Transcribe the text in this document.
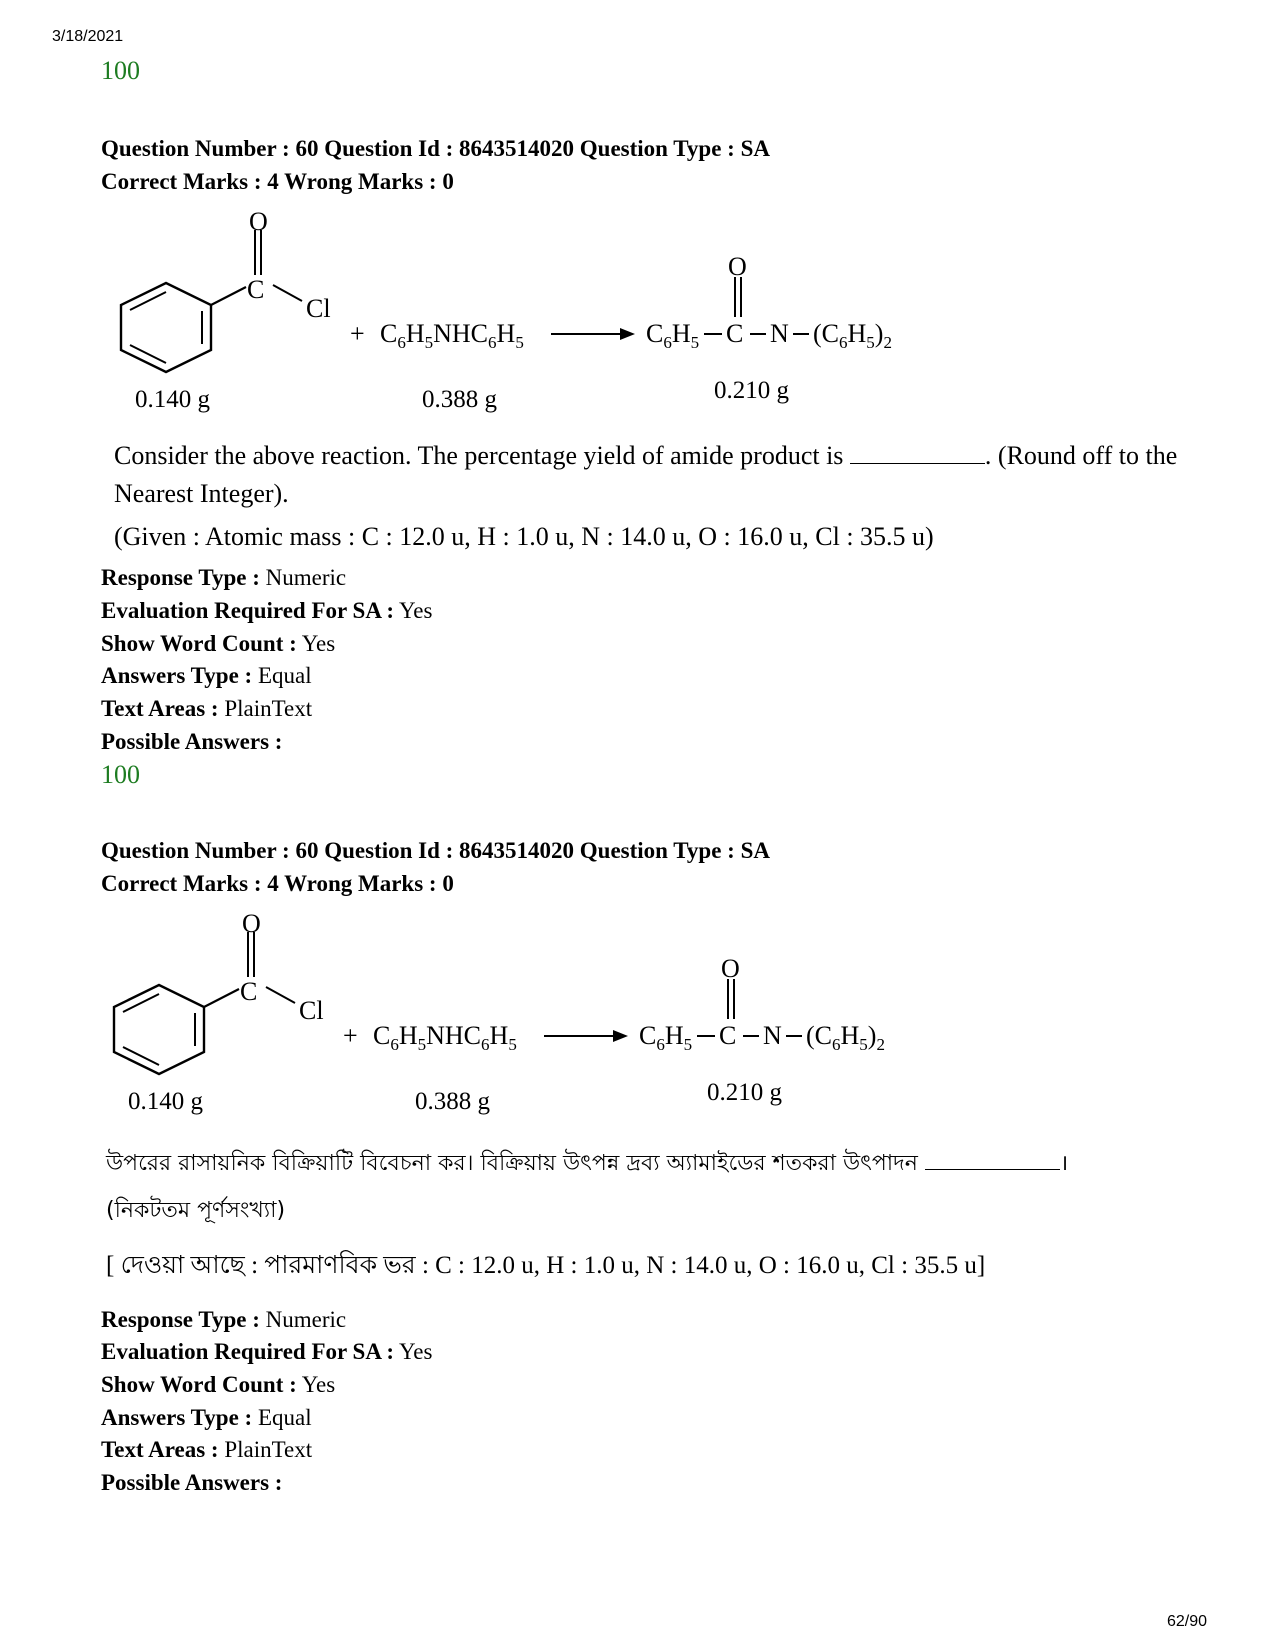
3/18/2021
100
Question Number : 60 Question Id : 8643514020 Question Type : SA
Correct Marks : 4 Wrong Marks : 0
O
C
Cl
+ $C_6H_5NHC_6H_5$	$C_6H_5$ C
O
N $(C_6H_5)_2$
0.140 g	0.388 g	0.210 g
Consider the above reaction. The percentage yield of amide product is	. (Round off to the Nearest Integer).
(Given : Atomic mass : C : 12.0 u, H : 1.0 u, N : 14.0 u, O : 16.0 u, Cl : 35.5 u)
Response Type : Numeric
Evaluation Required For SA : Yes
Show Word Count : Yes
Answers Type : Equal
Text Areas : PlainText
Possible Answers :
100
Question Number : 60 Question Id : 8643514020 Question Type : SA
Correct Marks : 4 Wrong Marks : 0
O
C
Cl
+ $C_6H_5NHC_6H_5$	$C_6H_5$ C
O
N $(C_6H_5)_2$
0.140 g	0.388 g	0.210 g
উপরের রাসায়নিক বিক্রিয়াটি বিবেচনা কর। বিক্রিয়ায় উৎপন্ন দ্রব্য অ্যামাইডের শতকরা উৎপাদন	।
(নিকটতম পূর্ণসংখ্যা)
[ দেওয়া আছে : পারমাণবিক ভর : C : 12.0 u, H : 1.0 u, N : 14.0 u, O : 16.0 u, Cl : 35.5 u]
Response Type : Numeric
Evaluation Required For SA : Yes
Show Word Count : Yes
Answers Type : Equal
Text Areas : PlainText
Possible Answers :
62/90
